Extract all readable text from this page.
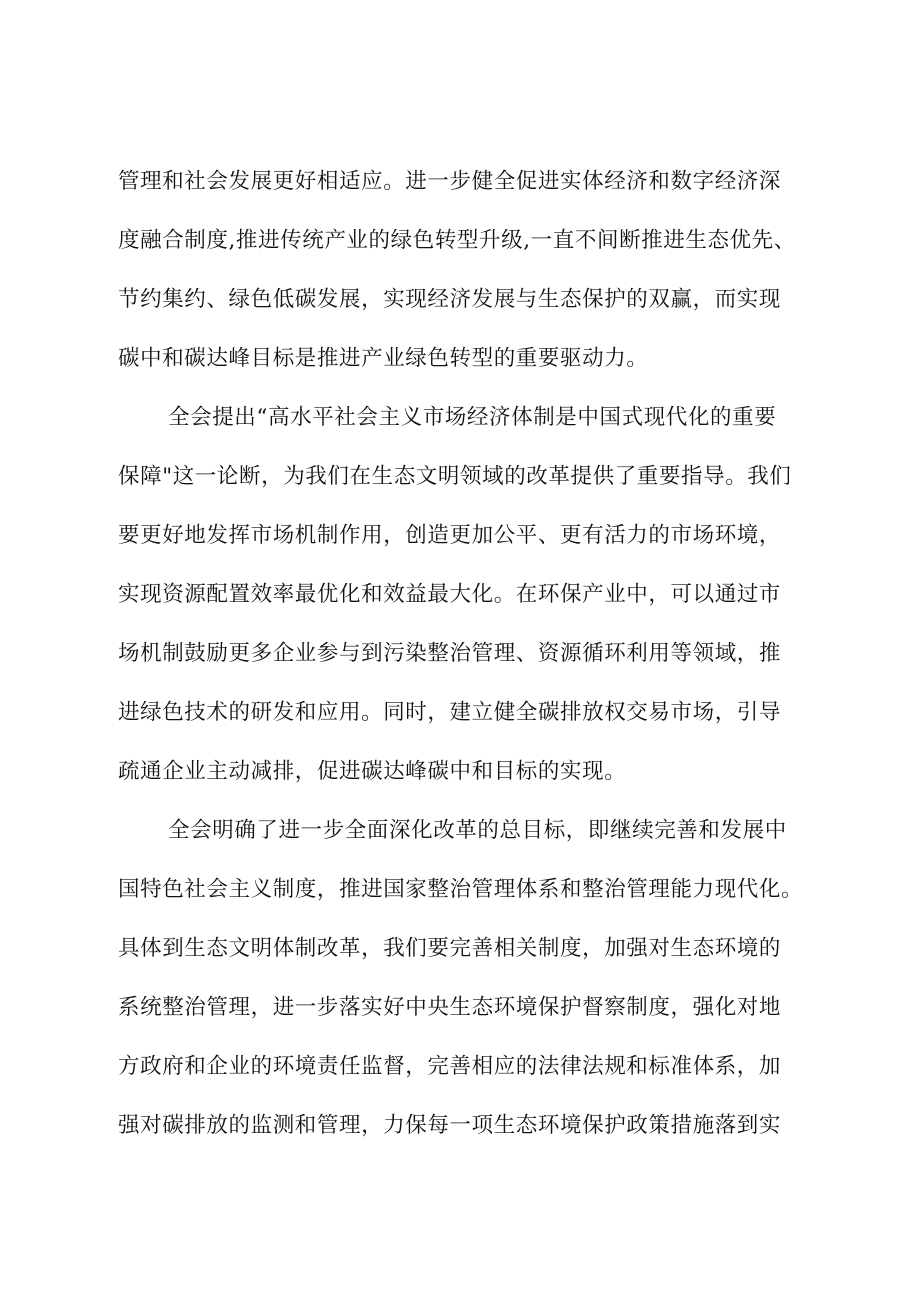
管理和社会发展更好相适应。进一步健全促进实体经济和数字经济深
度融合制度,推进传统产业的绿色转型升级,一直不间断推进生态优先、
节约集约、绿色低碳发展，实现经济发展与生态保护的双赢，而实现
碳中和碳达峰目标是推进产业绿色转型的重要驱动力。
全会提出“高水平社会主义市场经济体制是中国式现代化的重要
保障"这一论断，为我们在生态文明领域的改革提供了重要指导。我们
要更好地发挥市场机制作用，创造更加公平、更有活力的市场环境，
实现资源配置效率最优化和效益最大化。在环保产业中，可以通过市
场机制鼓励更多企业参与到污染整治管理、资源循环利用等领域，推
进绿色技术的研发和应用。同时，建立健全碳排放权交易市场，引导
疏通企业主动减排，促进碳达峰碳中和目标的实现。
全会明确了进一步全面深化改革的总目标，即继续完善和发展中
国特色社会主义制度，推进国家整治管理体系和整治管理能力现代化。
具体到生态文明体制改革，我们要完善相关制度，加强对生态环境的
系统整治管理，进一步落实好中央生态环境保护督察制度，强化对地
方政府和企业的环境责任监督，完善相应的法律法规和标准体系，加
强对碳排放的监测和管理，力保每一项生态环境保护政策措施落到实
